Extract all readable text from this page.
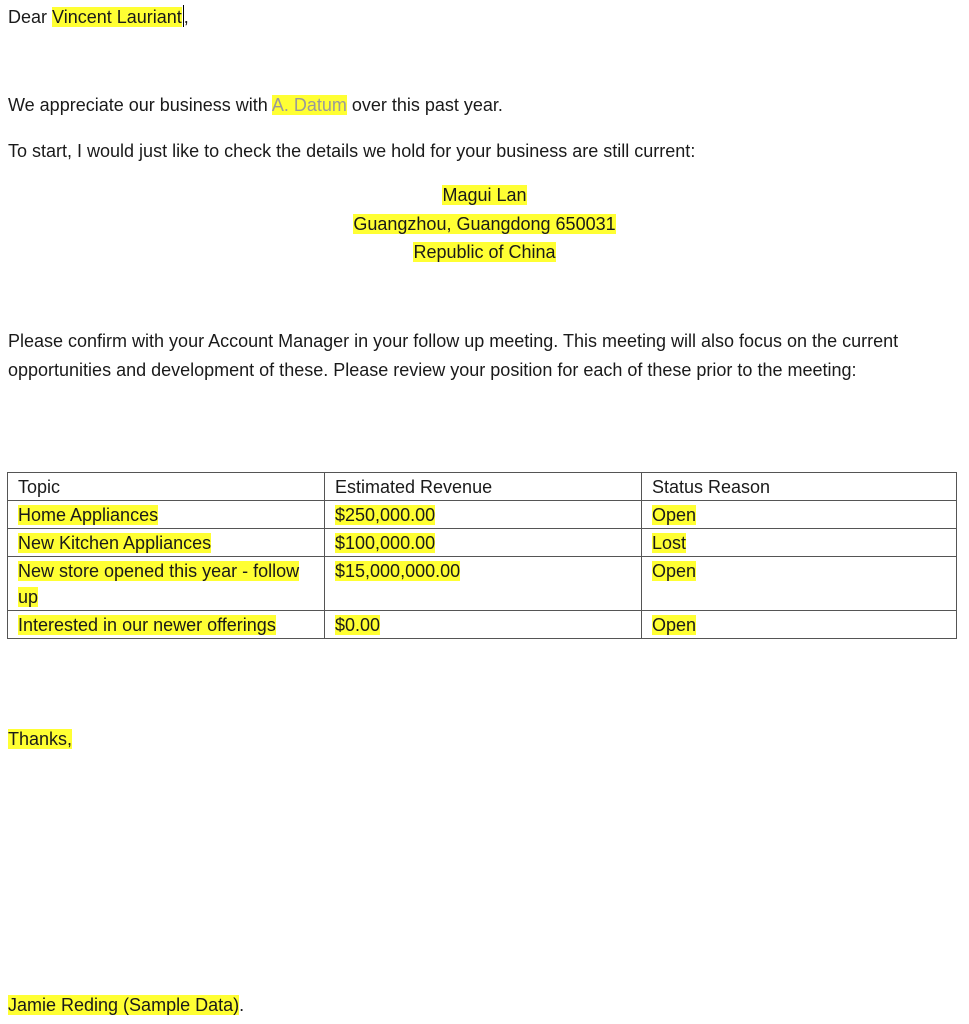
Dear Vincent Lauriant ,
We appreciate our business with A. Datum over this past year.
To start, I would just like to check the details we hold for your business are still current:
Magui Lan
Guangzhou, Guangdong 650031
Republic of China
Please confirm with your Account Manager in your follow up meeting. This meeting will also focus on the current opportunities and development of these. Please review your position for each of these prior to the meeting:
Topic	Estimated Revenue	Status Reason
Home Appliances	$250,000.00	Open
New Kitchen Appliances	$100,000.00	Lost
New store opened this year - follow up	$15,000,000.00	Open
Interested in our newer offerings	$0.00	Open
Thanks,
Jamie Reding (Sample Data).
